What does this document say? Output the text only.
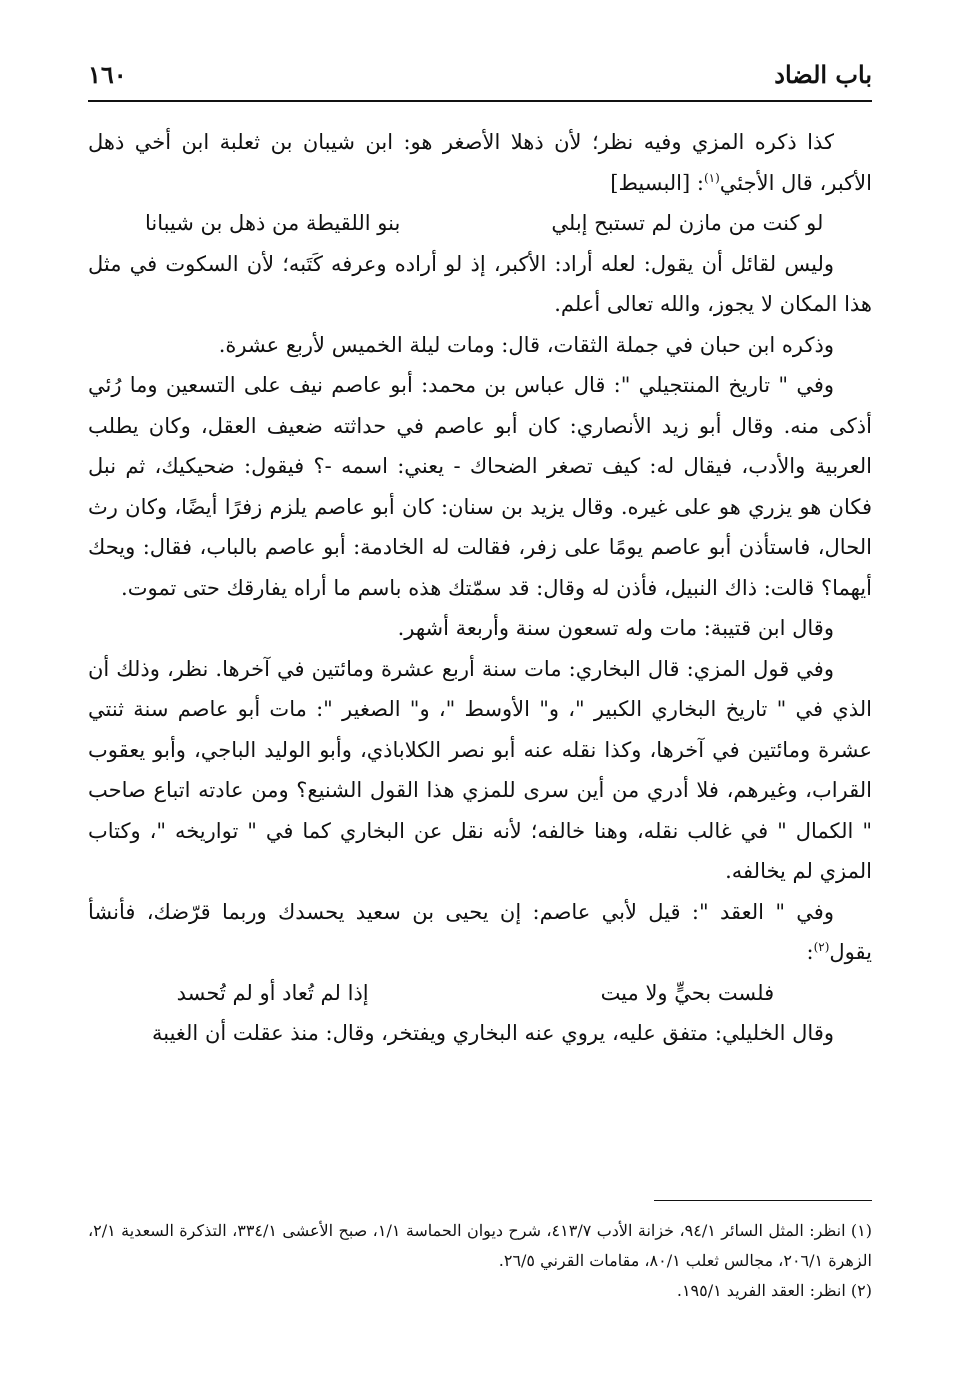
باب الضاد
١٦٠

كذا ذكره المزي وفيه نظر؛ لأن ذهلا الأصغر هو: ابن شيبان بن ثعلبة ابن أخي ذهل الأكبر، قال الأجئي$^{(١)}$: [البسيط]

لو كنت من مازن لم تستبح إبلي
بنو اللقيطة من ذهل بن شيبانا

وليس لقائل أن يقول: لعله أراد: الأكبر، إذ لو أراده وعرفه كَتَبه؛ لأن السكوت في مثل هذا المكان لا يجوز، والله تعالى أعلم.

وذكره ابن حبان في جملة الثقات، قال: ومات ليلة الخميس لأربع عشرة.

وفي " تاريخ المنتجيلي ": قال عباس بن محمد: أبو عاصم نيف على التسعين وما رُئي أذكى منه. وقال أبو زيد الأنصاري: كان أبو عاصم في حداثته ضعيف العقل، وكان يطلب العربية والأدب، فيقال له: كيف تصغر الضحاك - يعني: اسمه -؟ فيقول: ضحيكيك، ثم نبل فكان هو يزري هو على غيره. وقال يزيد بن سنان: كان أبو عاصم يلزم زفرًا أيضًا، وكان رث الحال، فاستأذن أبو عاصم يومًا على زفر، فقالت له الخادمة: أبو عاصم بالباب، فقال: ويحك أيهما؟ قالت: ذاك النبيل، فأذن له وقال: قد سمّتك هذه باسم ما أراه يفارقك حتى تموت.

وقال ابن قتيبة: مات وله تسعون سنة وأربعة أشهر.

وفي قول المزي: قال البخاري: مات سنة أربع عشرة ومائتين في آخرها. نظر، وذلك أن الذي في " تاريخ البخاري الكبير "، و" الأوسط "، و" الصغير ": مات أبو عاصم سنة ثنتي عشرة ومائتين في آخرها، وكذا نقله عنه أبو نصر الكلاباذي، وأبو الوليد الباجي، وأبو يعقوب القراب، وغيرهم، فلا أدري من أين سرى للمزي هذا القول الشنيع؟ ومن عادته اتباع صاحب " الكمال " في غالب نقله، وهنا خالفه؛ لأنه نقل عن البخاري كما في " تواريخه "، وكتاب المزي لم يخالفه.

وفي " العقد ": قيل لأبي عاصم: إن يحيى بن سعيد يحسدك وربما قرّضك، فأنشأ يقول$^{(٢)}$:

فلست بحيٍّ ولا ميت
إذا لم تُعاد أو لم تُحسد

وقال الخليلي: متفق عليه، يروي عنه البخاري ويفتخر، وقال: منذ عقلت أن الغيبة

(١) انظر: المثل السائر ٩٤/١، خزانة الأدب ٤١٣/٧، شرح ديوان الحماسة ١/١، صبح الأعشى ٣٣٤/١، التذكرة السعدية ٢/١، الزهرة ٢٠٦/١، مجالس ثعلب ٨٠/١، مقامات القرني ٢٦/٥.

(٢) انظر: العقد الفريد ١٩٥/١.
